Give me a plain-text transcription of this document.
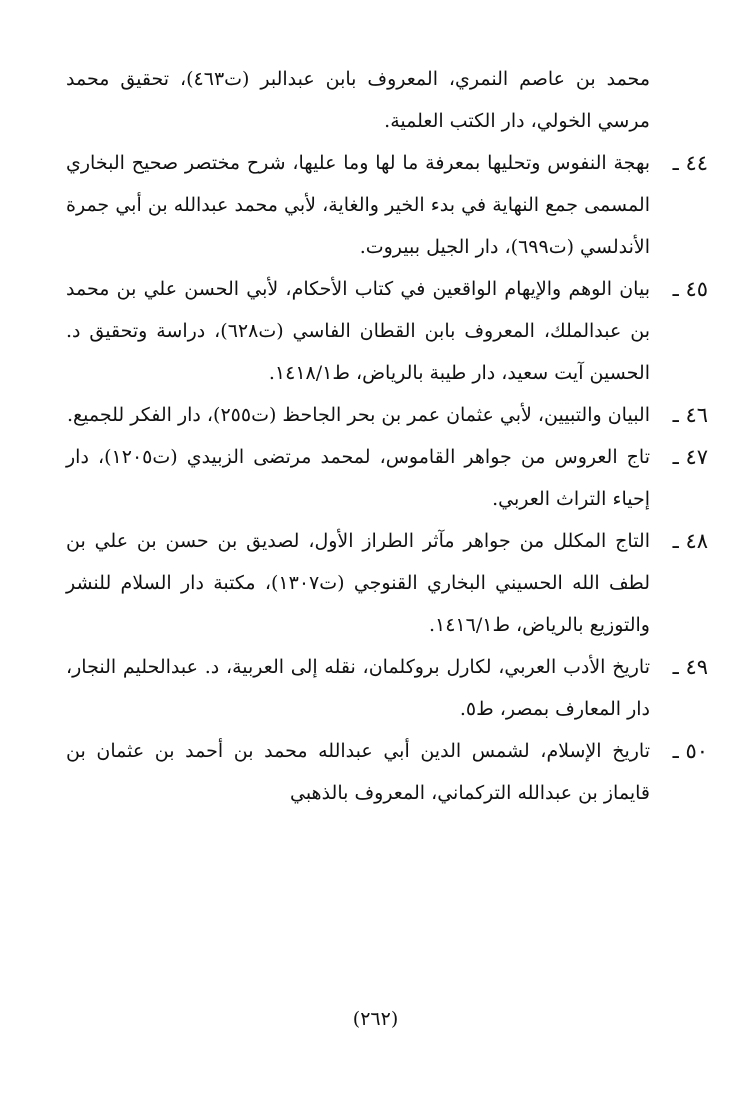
محمد بن عاصم النمري، المعروف بابن عبدالبر (ت٤٦٣)، تحقيق محمد مرسي الخولي، دار الكتب العلمية.
٤٤ ـ
بهجة النفوس وتحليها بمعرفة ما لها وما عليها، شرح مختصر صحيح البخاري المسمى جمع النهاية في بدء الخير والغاية، لأبي محمد عبدالله بن أبي جمرة الأندلسي (ت٦٩٩)، دار الجيل ببيروت.
٤٥ ـ
بيان الوهم والإيهام الواقعين في كتاب الأحكام، لأبي الحسن علي بن محمد بن عبدالملك، المعروف بابن القطان الفاسي (ت٦٢٨)، دراسة وتحقيق د. الحسين آيت سعيد، دار طيبة بالرياض، ط١٤١٨/١.
٤٦ ـ
البيان والتبيين، لأبي عثمان عمر بن بحر الجاحظ (ت٢٥٥)، دار الفكر للجميع.
٤٧ ـ
تاج العروس من جواهر القاموس، لمحمد مرتضى الزبيدي (ت١٢٠٥)، دار إحياء التراث العربي.
٤٨ ـ
التاج المكلل من جواهر مآثر الطراز الأول، لصديق بن حسن بن علي بن لطف الله الحسيني البخاري القنوجي (ت١٣٠٧)، مكتبة دار السلام للنشر والتوزيع بالرياض، ط١٤١٦/١.
٤٩ ـ
تاريخ الأدب العربي، لكارل بروكلمان، نقله إلى العربية، د. عبدالحليم النجار، دار المعارف بمصر، ط٥.
٥٠ ـ
تاريخ الإسلام، لشمس الدين أبي عبدالله محمد بن أحمد بن عثمان بن قايماز بن عبدالله التركماني، المعروف بالذهبي
(٢٦٢)
